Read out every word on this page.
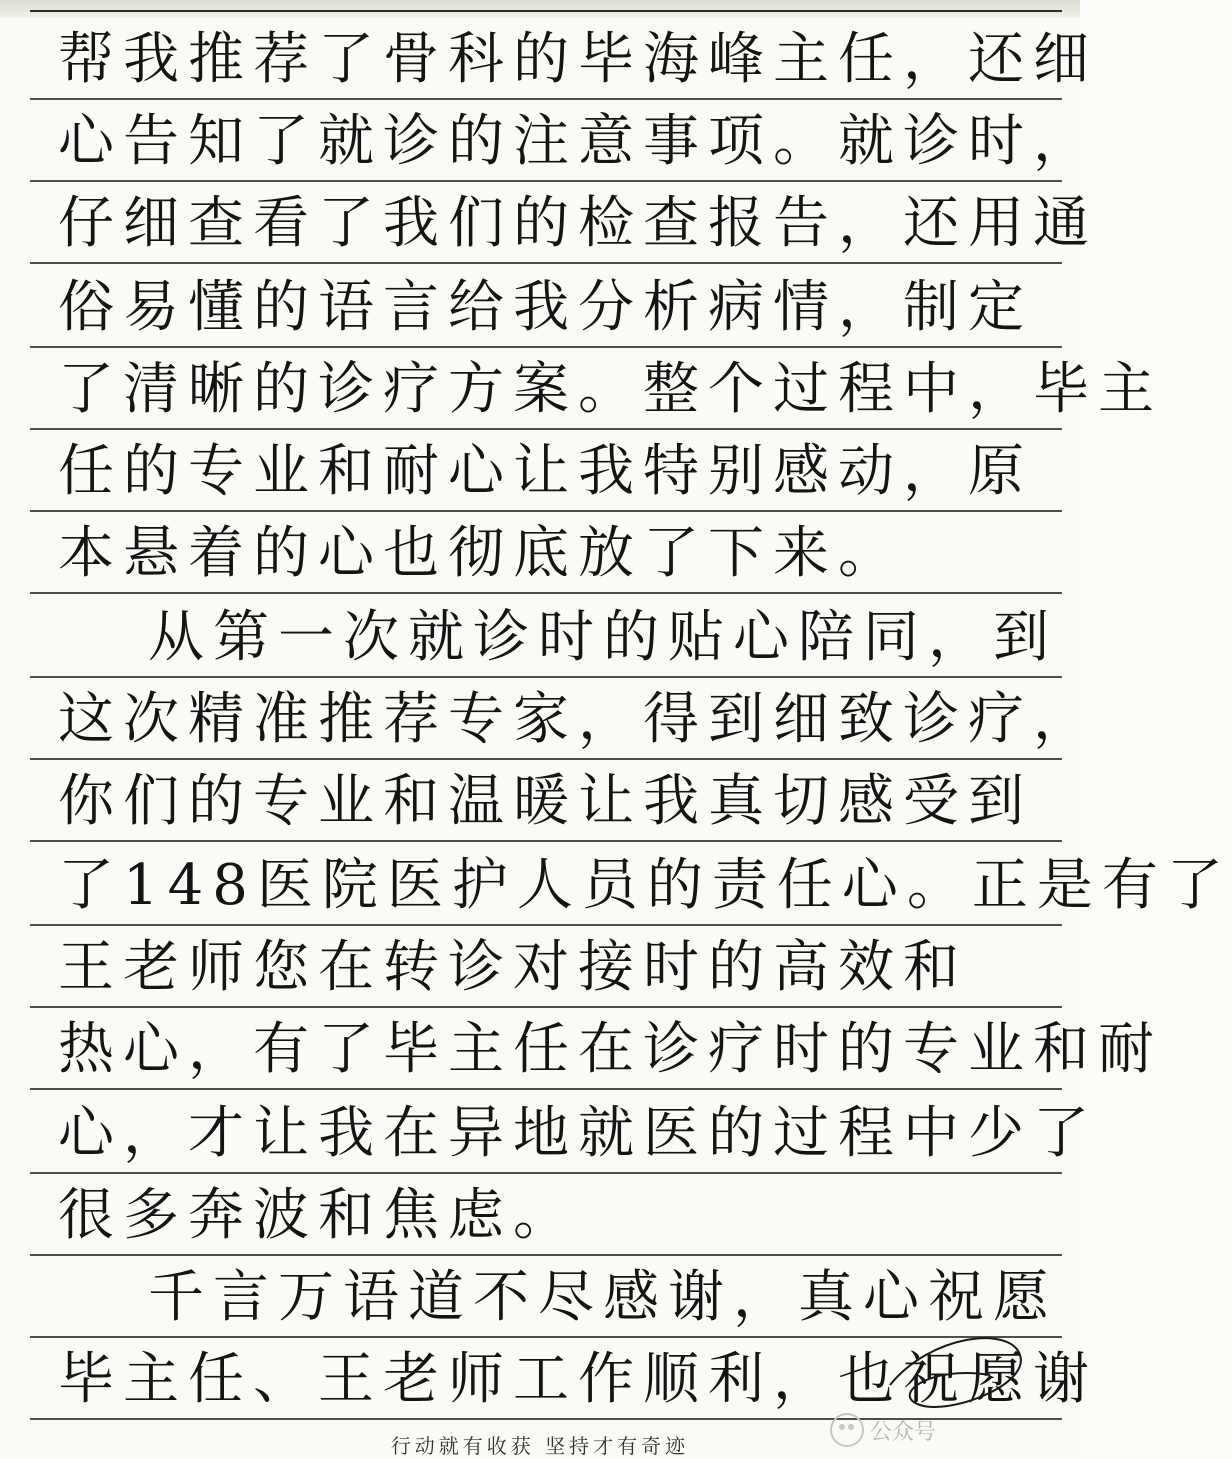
帮我推荐了骨科的毕海峰主任，还细
心告知了就诊的注意事项。就诊时，
仔细查看了我们的检查报告，还用通
俗易懂的语言给我分析病情，制定
了清晰的诊疗方案。整个过程中，毕主
任的专业和耐心让我特别感动，原
本悬着的心也彻底放了下来。
从第一次就诊时的贴心陪同，到
这次精准推荐专家，得到细致诊疗，
你们的专业和温暖让我真切感受到
了148医院医护人员的责任心。正是有了
王老师您在转诊对接时的高效和
热心，有了毕主任在诊疗时的专业和耐
心，才让我在异地就医的过程中少了
很多奔波和焦虑。
千言万语道不尽感谢，真心祝愿
毕主任、王老师工作顺利，也祝愿谢
公众号
行动就有收获 坚持才有奇迹
